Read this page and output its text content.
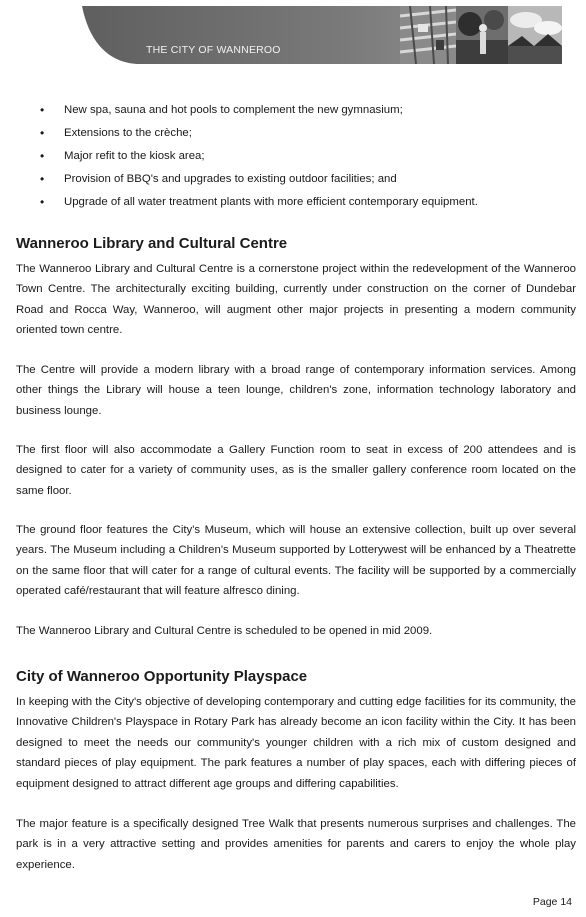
THE CITY OF WANNEROO
• New spa, sauna and hot pools to complement the new gymnasium;
• Extensions to the crèche;
• Major refit to the kiosk area;
• Provision of BBQ's and upgrades to existing outdoor facilities; and
• Upgrade of all water treatment plants with more efficient contemporary equipment.
Wanneroo Library and Cultural Centre

The Wanneroo Library and Cultural Centre is a cornerstone project within the redevelopment of the Wanneroo Town Centre. The architecturally exciting building, currently under construction on the corner of Dundebar Road and Rocca Way, Wanneroo, will augment other major projects in presenting a modern community oriented town centre.

The Centre will provide a modern library with a broad range of contemporary information services. Among other things the Library will house a teen lounge, children's zone, information technology laboratory and business lounge.

The first floor will also accommodate a Gallery Function room to seat in excess of 200 attendees and is designed to cater for a variety of community uses, as is the smaller gallery conference room located on the same floor.

The ground floor features the City's Museum, which will house an extensive collection, built up over several years. The Museum including a Children's Museum supported by Lotterywest will be enhanced by a Theatrette on the same floor that will cater for a range of cultural events. The facility will be supported by a commercially operated café/restaurant that will feature alfresco dining.

The Wanneroo Library and Cultural Centre is scheduled to be opened in mid 2009.

City of Wanneroo Opportunity Playspace

In keeping with the City's objective of developing contemporary and cutting edge facilities for its community, the Innovative Children's Playspace in Rotary Park has already become an icon facility within the City. It has been designed to meet the needs our community's younger children with a rich mix of custom designed and standard pieces of play equipment. The park features a number of play spaces, each with differing pieces of equipment designed to attract different age groups and differing capabilities.

The major feature is a specifically designed Tree Walk that presents numerous surprises and challenges. The park is in a very attractive setting and provides amenities for parents and carers to enjoy the whole play experience.

Page 14
